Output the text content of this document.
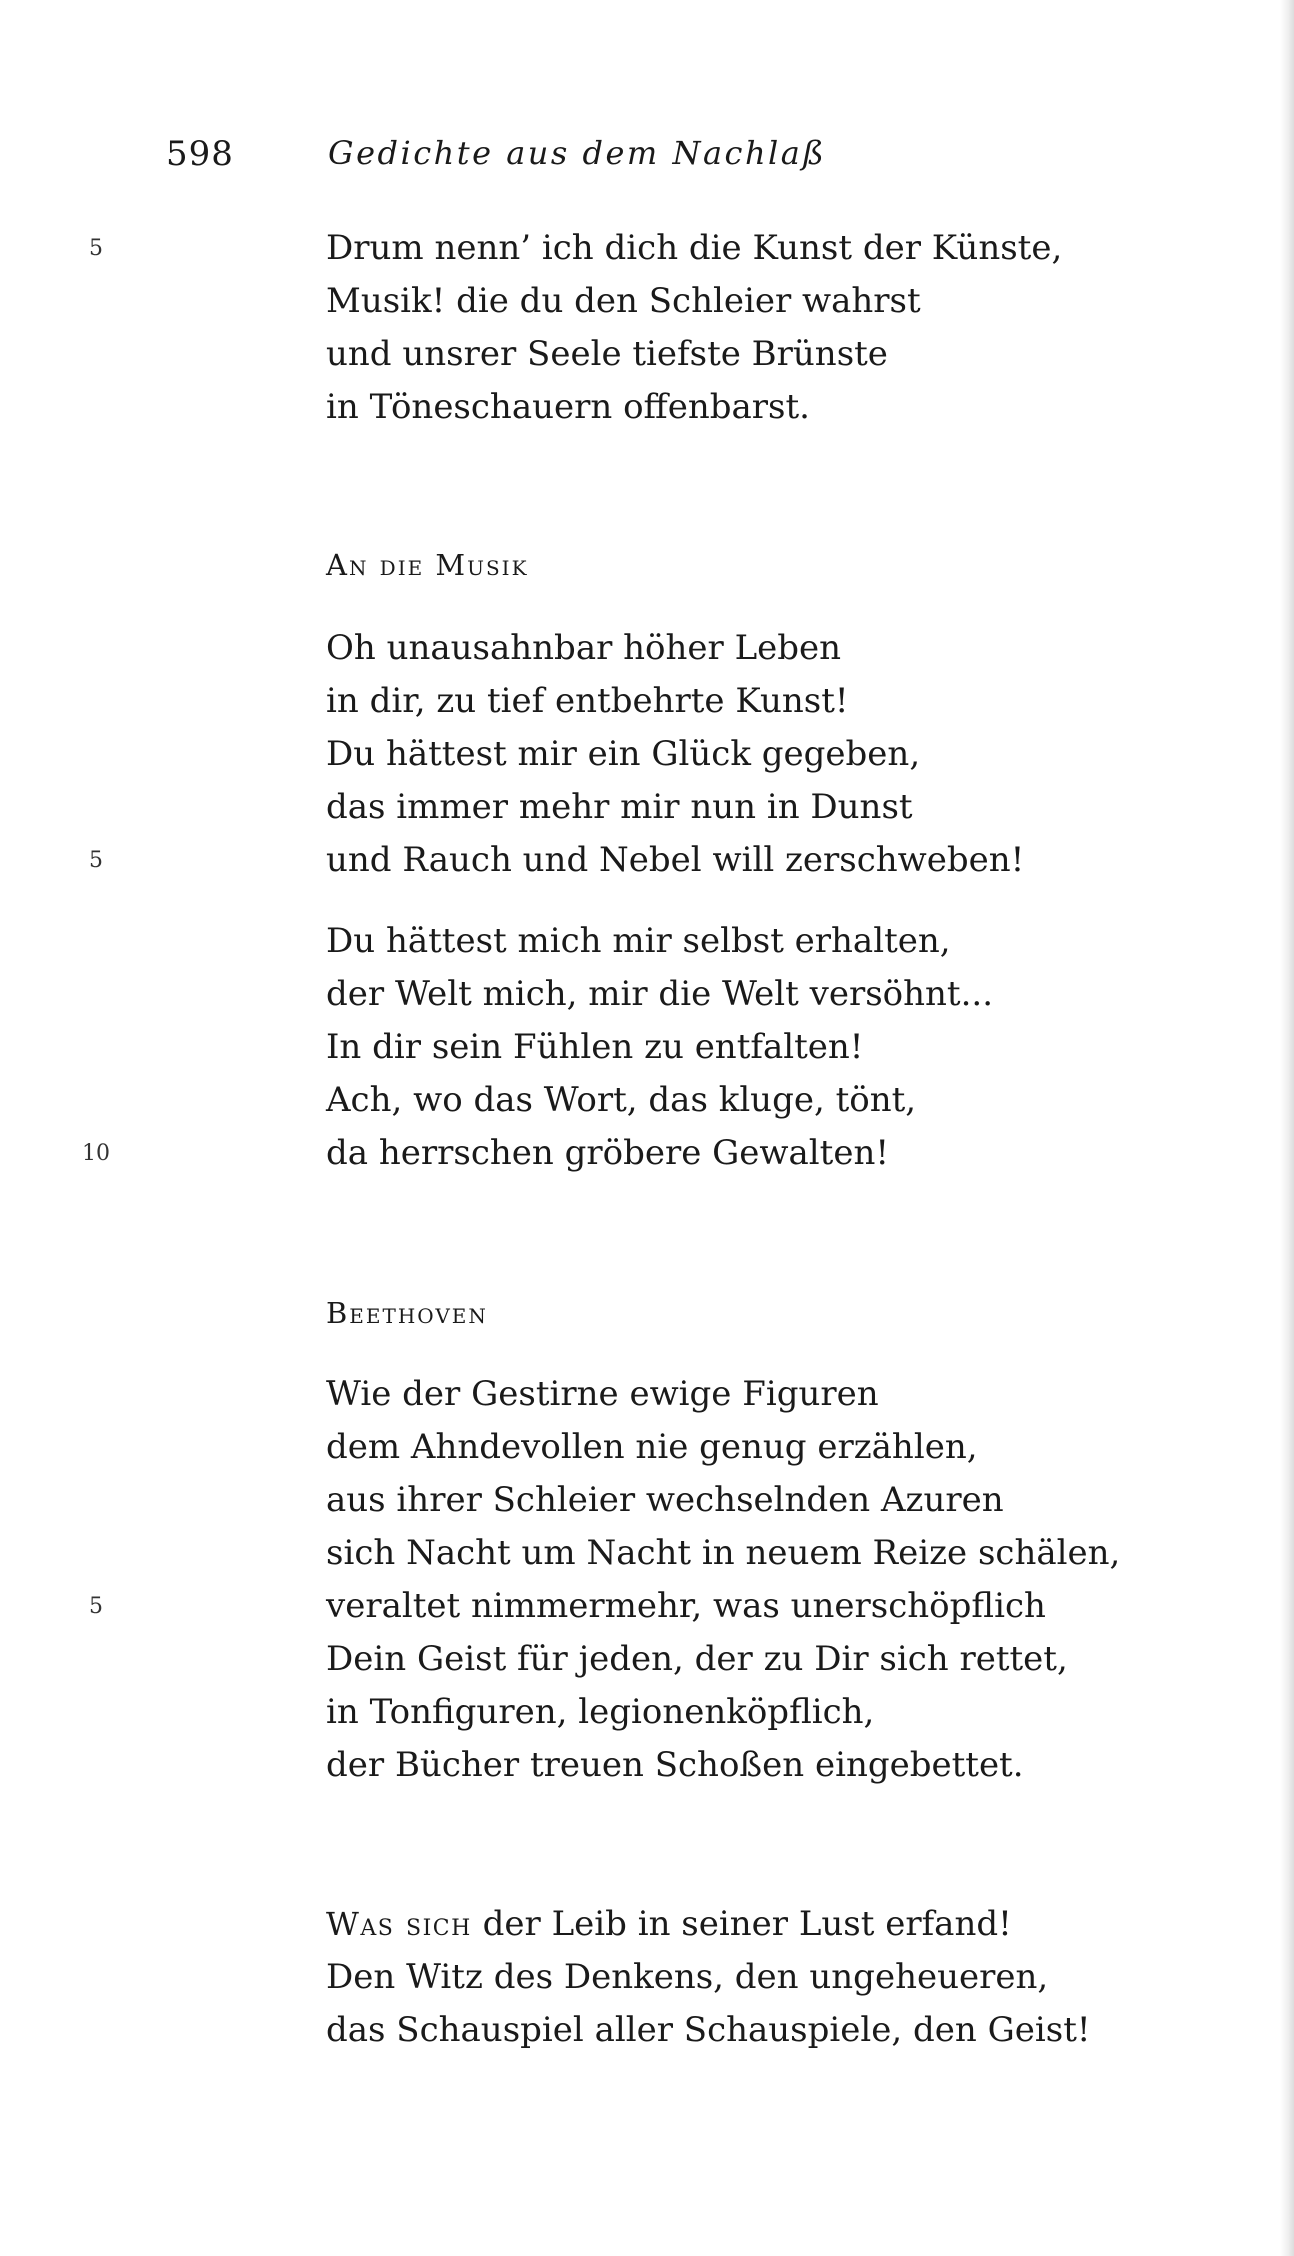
598	Gedichte aus dem Nachlaß
5	Drum nenn’ ich dich die Kunst der Künste,
Musik! die du den Schleier wahrst
und unsrer Seele tiefste Brünste
in Töneschauern offenbarst.
An die Musik
Oh unausahnbar höher Leben
in dir, zu tief entbehrte Kunst!
Du hättest mir ein Glück gegeben,
das immer mehr mir nun in Dunst
5	und Rauch und Nebel will zerschweben!
Du hättest mich mir selbst erhalten,
der Welt mich, mir die Welt versöhnt...
In dir sein Fühlen zu entfalten!
Ach, wo das Wort, das kluge, tönt,
10	da herrschen gröbere Gewalten!
Beethoven
Wie der Gestirne ewige Figuren
dem Ahndevollen nie genug erzählen,
aus ihrer Schleier wechselnden Azuren
sich Nacht um Nacht in neuem Reize schälen,
5	veraltet nimmermehr, was unerschöpflich
Dein Geist für jeden, der zu Dir sich rettet,
in Tonfiguren, legionenköpflich,
der Bücher treuen Schoßen eingebettet.
Was sich der Leib in seiner Lust erfand!
Den Witz des Denkens, den ungeheueren,
das Schauspiel aller Schauspiele, den Geist!
